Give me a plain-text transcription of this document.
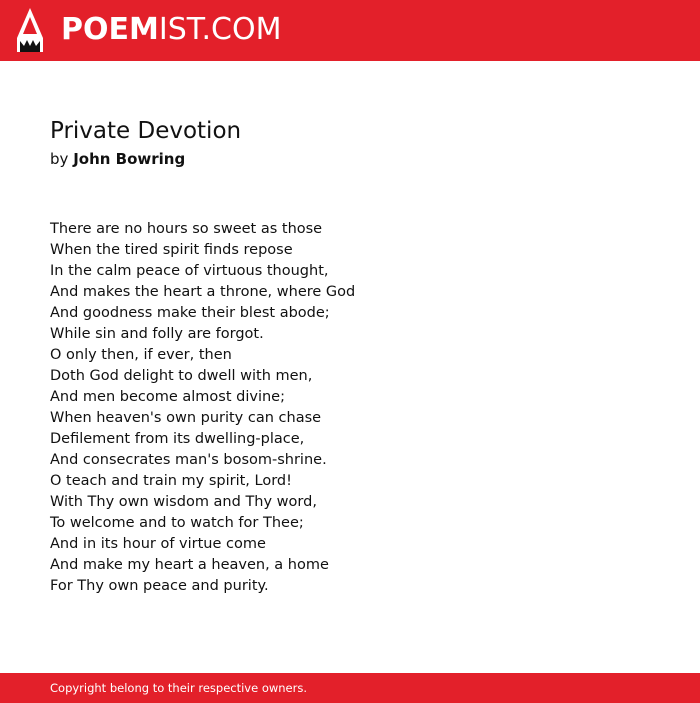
POEMIST.COM
Private Devotion
by John Bowring
There are no hours so sweet as those
When the tired spirit finds repose
In the calm peace of virtuous thought,
And makes the heart a throne, where God
And goodness make their blest abode;
While sin and folly are forgot.
O only then, if ever, then
Doth God delight to dwell with men,
And men become almost divine;
When heaven's own purity can chase
Defilement from its dwelling-place,
And consecrates man's bosom-shrine.
O teach and train my spirit, Lord!
With Thy own wisdom and Thy word,
To welcome and to watch for Thee;
And in its hour of virtue come
And make my heart a heaven, a home
For Thy own peace and purity.
Copyright belong to their respective owners.
